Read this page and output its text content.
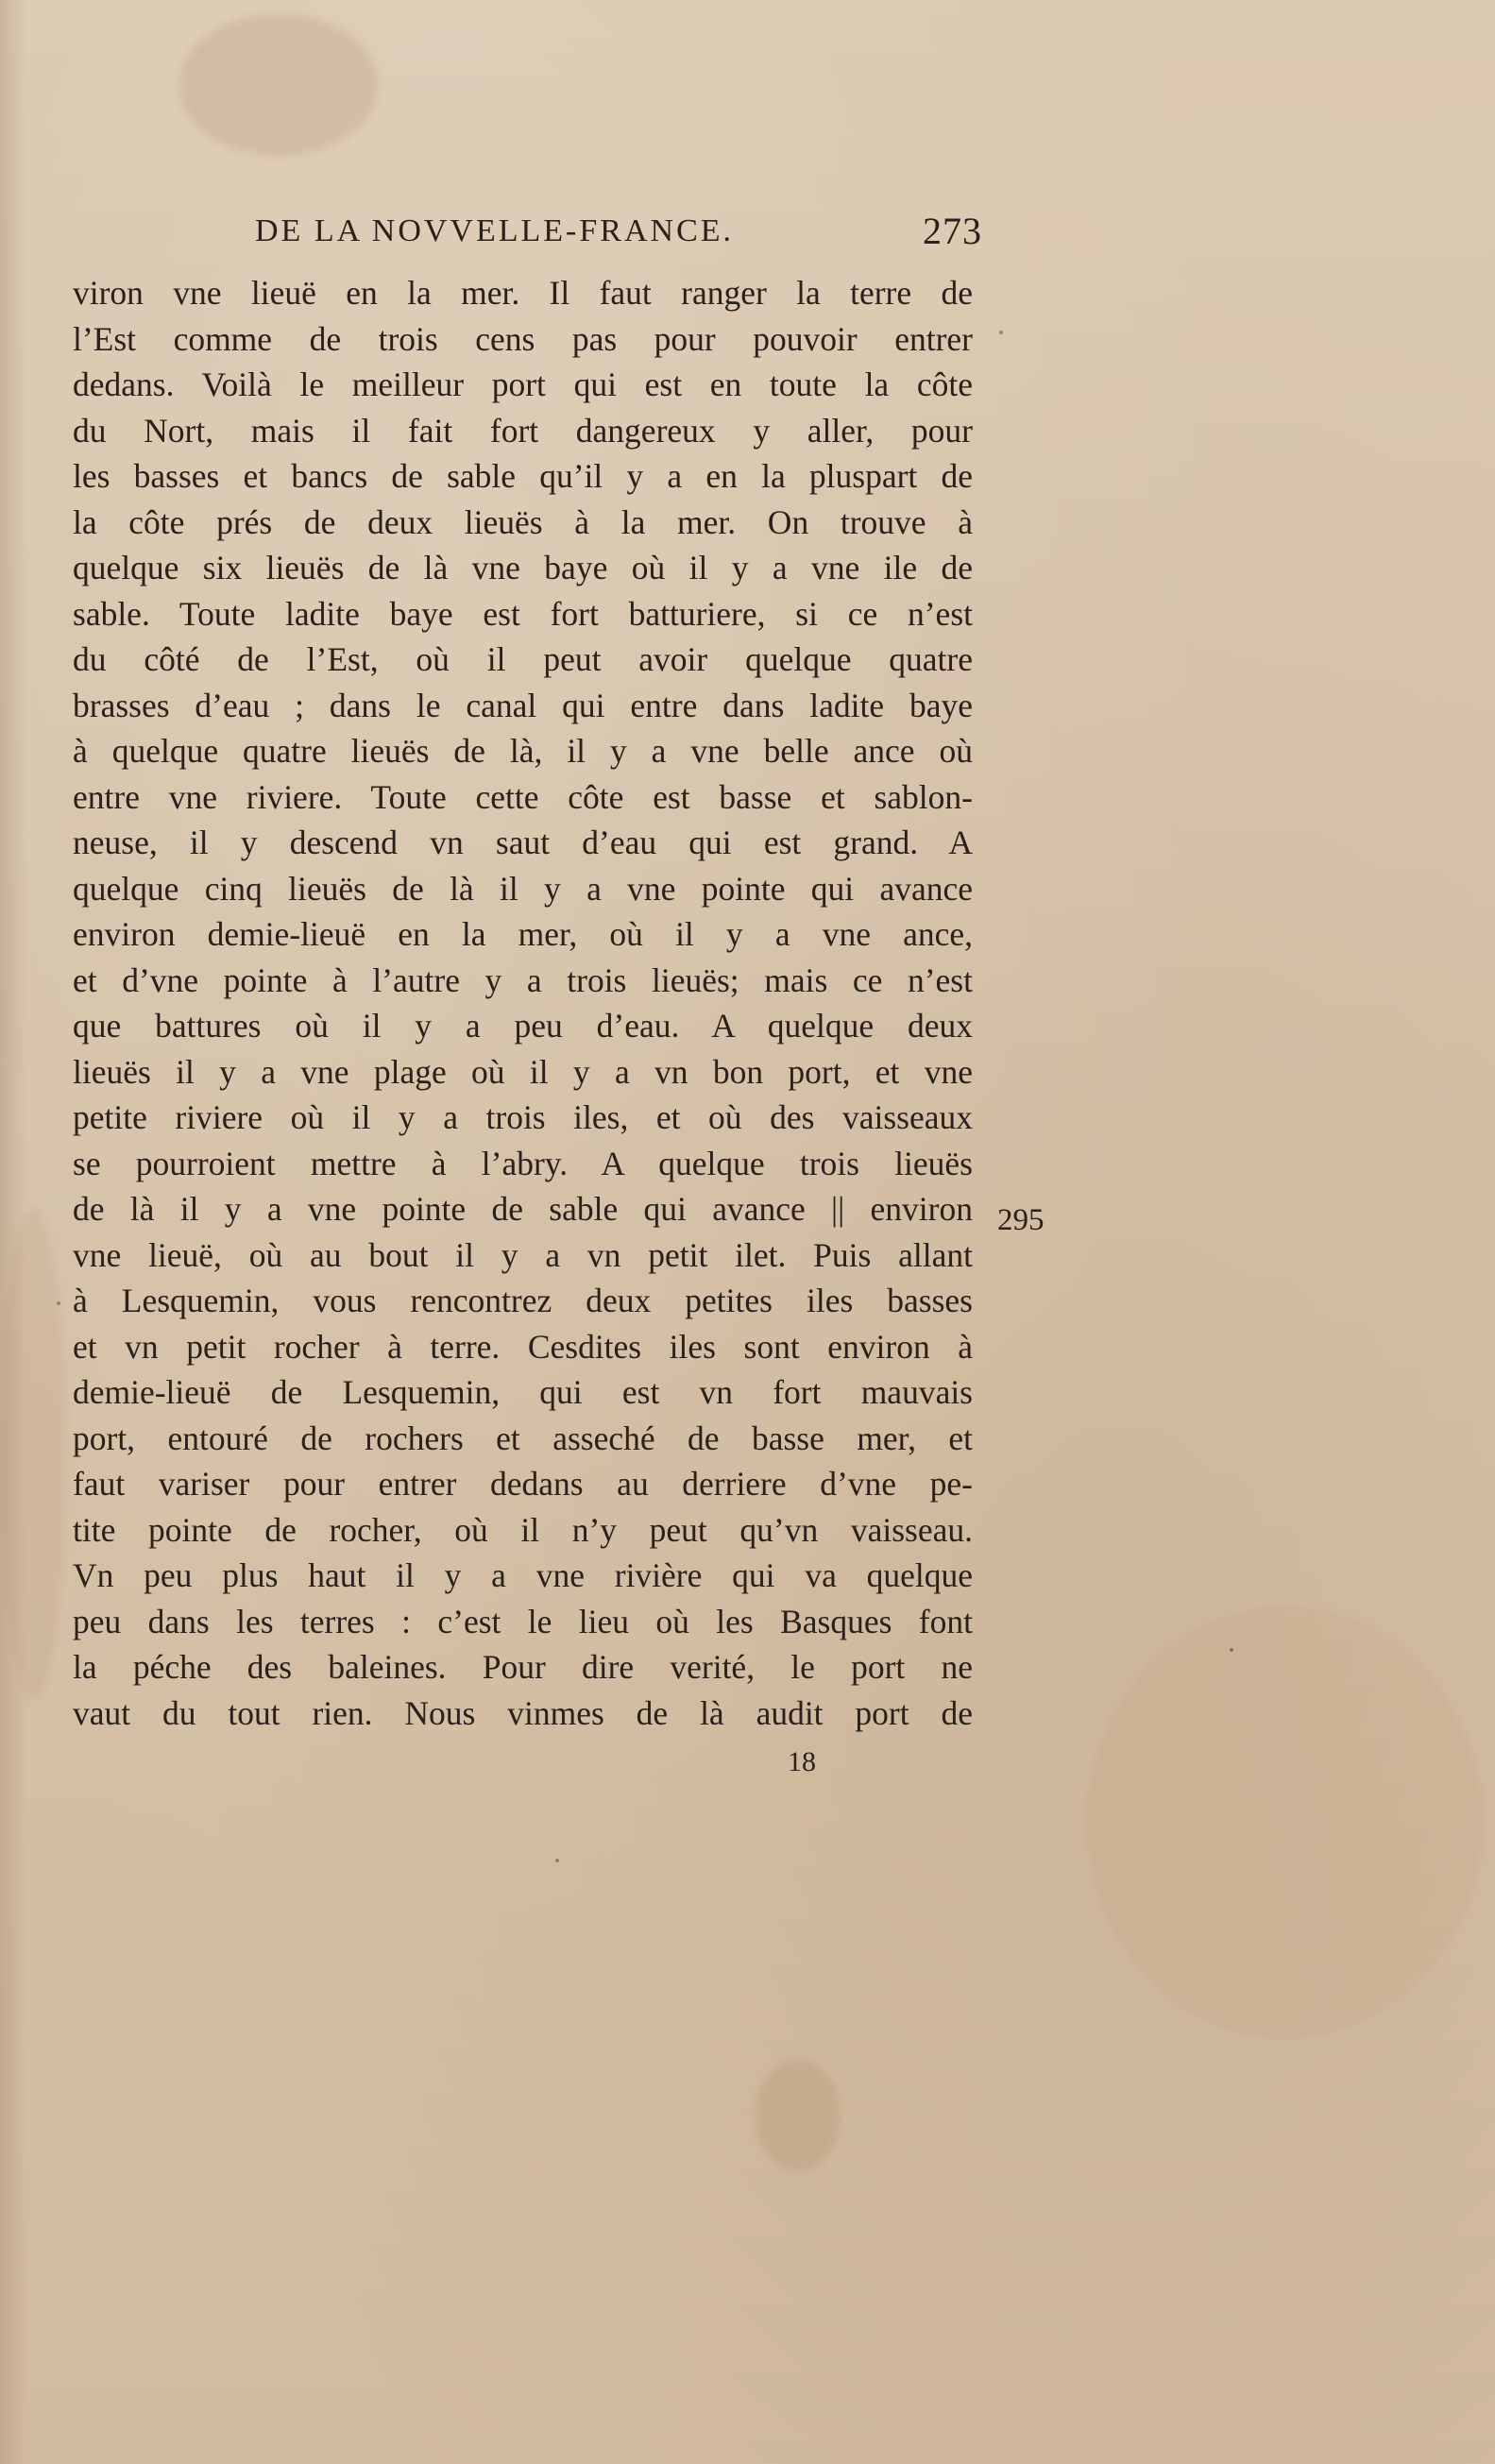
DE LA NOVVELLE-FRANCE.	273
viron vne lieuë en la mer. Il faut ranger la terre de
l’Est comme de trois cens pas pour pouvoir entrer
dedans. Voilà le meilleur port qui est en toute la côte
du Nort, mais il fait fort dangereux y aller, pour
les basses et bancs de sable qu’il y a en la pluspart de
la côte prés de deux lieuës à la mer. On trouve à
quelque six lieuës de là vne baye où il y a vne ile de
sable. Toute ladite baye est fort batturiere, si ce n’est
du côté de l’Est, où il peut avoir quelque quatre
brasses d’eau ; dans le canal qui entre dans ladite baye
à quelque quatre lieuës de là, il y a vne belle ance où
entre vne riviere. Toute cette côte est basse et sablon-
neuse, il y descend vn saut d’eau qui est grand. A
quelque cinq lieuës de là il y a vne pointe qui avance
environ demie-lieuë en la mer, où il y a vne ance,
et d’vne pointe à l’autre y a trois lieuës; mais ce n’est
que battures où il y a peu d’eau. A quelque deux
lieuës il y a vne plage où il y a vn bon port, et vne
petite riviere où il y a trois iles, et où des vaisseaux
se pourroient mettre à l’abry. A quelque trois lieuës
de là il y a vne pointe de sable qui avance || environ
vne lieuë, où au bout il y a vn petit ilet. Puis allant
à Lesquemin, vous rencontrez deux petites iles basses
et vn petit rocher à terre. Cesdites iles sont environ à
demie-lieuë de Lesquemin, qui est vn fort mauvais
port, entouré de rochers et asseché de basse mer, et
faut variser pour entrer dedans au derriere d’vne pe-
tite pointe de rocher, où il n’y peut qu’vn vaisseau.
Vn peu plus haut il y a vne rivière qui va quelque
peu dans les terres : c’est le lieu où les Basques font
la péche des baleines. Pour dire verité, le port ne
vaut du tout rien. Nous vinmes de là audit port de
295
18
